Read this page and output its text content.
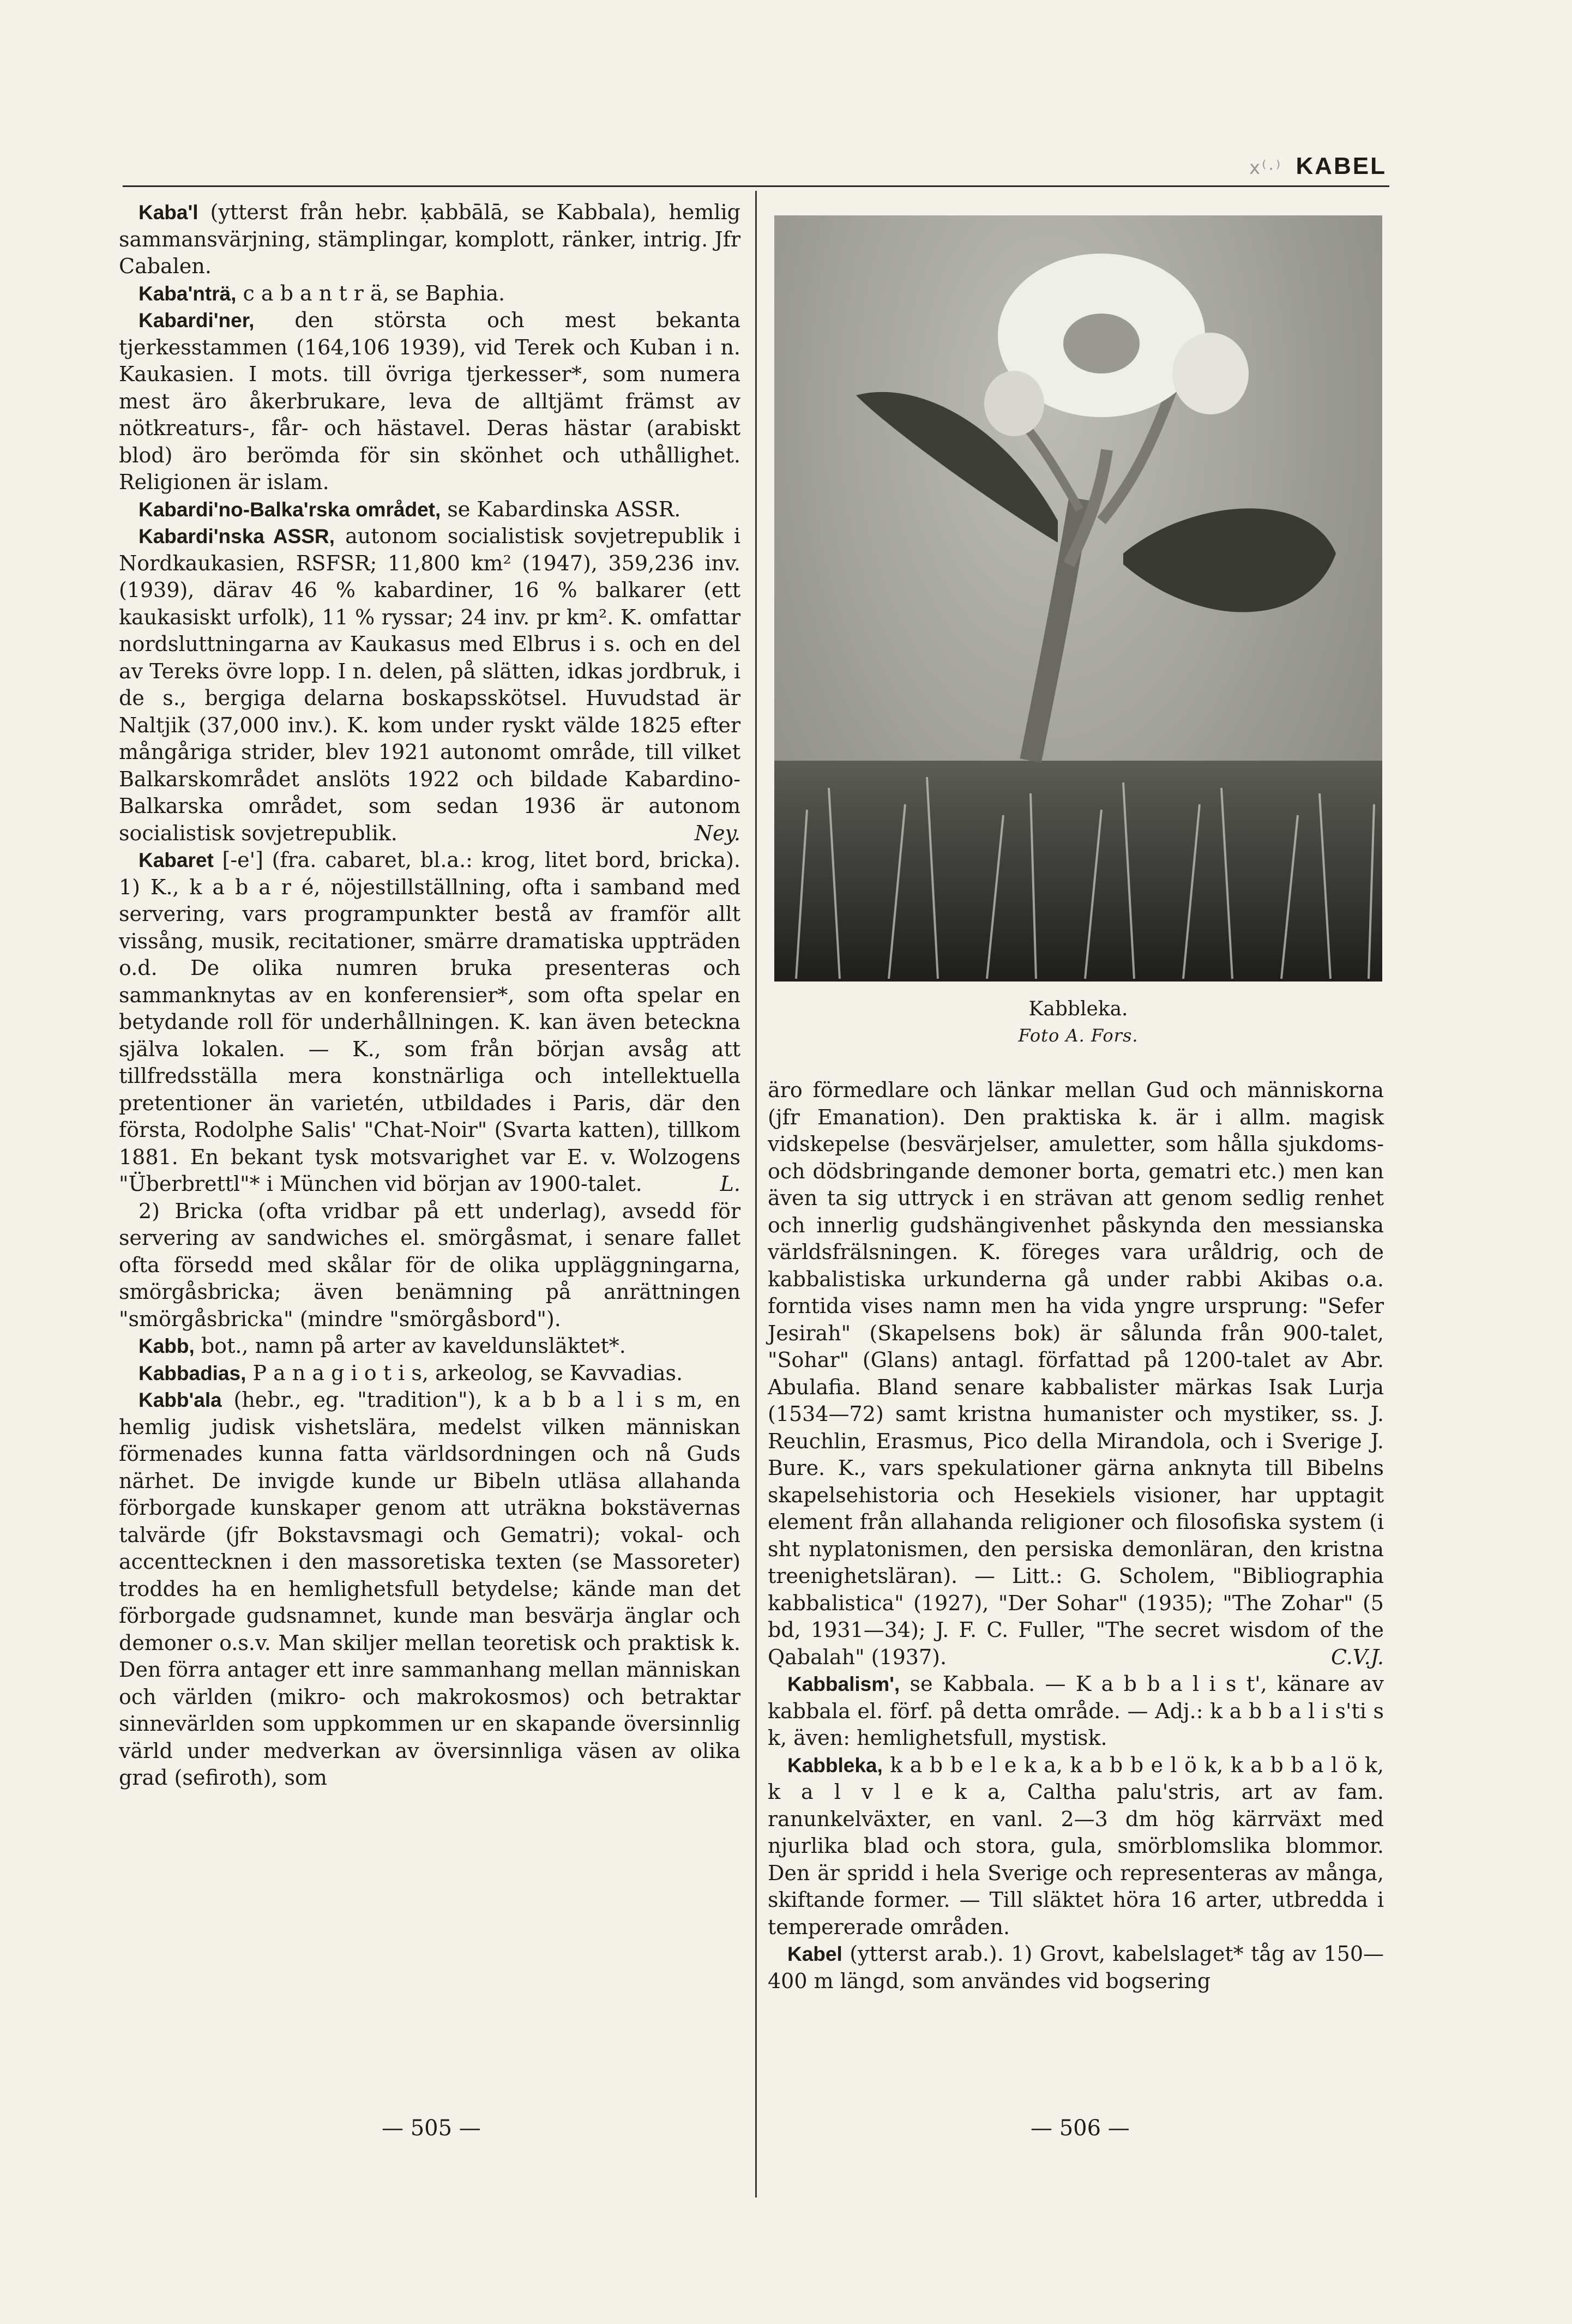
ⅹ⁽·⁾ KABEL

Kaba'l (ytterst från hebr. ḳabbālā, se Kabbala), hemlig sammansvärjning, stämplingar, komplott, ränker, intrig. Jfr Cabalen.

Kaba'nträ, c a b a n t r ä, se Baphia.

Kabardi'ner, den största och mest bekanta tjerkesstammen (164,106 1939), vid Terek och Kuban i n. Kaukasien. I mots. till övriga tjerkesser*, som numera mest äro åkerbrukare, leva de alltjämt främst av nötkreaturs-, får- och hästavel. Deras hästar (arabiskt blod) äro berömda för sin skönhet och uthållighet. Religionen är islam.

Kabardi'no-Balka'rska området, se Kabardinska ASSR.

Kabardi'nska ASSR, autonom socialistisk sovjetrepublik i Nordkaukasien, RSFSR; 11,800 km² (1947), 359,236 inv. (1939), därav 46 % kabardiner, 16 % balkarer (ett kaukasiskt urfolk), 11 % ryssar; 24 inv. pr km². K. omfattar nordsluttningarna av Kaukasus med Elbrus i s. och en del av Tereks övre lopp. I n. delen, på slätten, idkas jordbruk, i de s., bergiga delarna boskapsskötsel. Huvudstad är Naltjik (37,000 inv.). K. kom under ryskt välde 1825 efter mångåriga strider, blev 1921 autonomt område, till vilket Balkarskområdet anslöts 1922 och bildade Kabardino-Balkarska området, som sedan 1936 är autonom socialistisk sovjetrepublik.	Ney.

Kabaret [-e'] (fra. cabaret, bl.a.: krog, litet bord, bricka). 1) K., k a b a r é, nöjestillställning, ofta i samband med servering, vars programpunkter bestå av framför allt vissång, musik, recitationer, smärre dramatiska uppträden o.d. De olika numren bruka presenteras och sammanknytas av en konferensier*, som ofta spelar en betydande roll för underhållningen. K. kan även beteckna själva lokalen. — K., som från början avsåg att tillfredsställa mera konstnärliga och intellektuella pretentioner än varietén, utbildades i Paris, där den första, Rodolphe Salis' "Chat-Noir" (Svarta katten), tillkom 1881. En bekant tysk motsvarighet var E. v. Wolzogens "Überbrettl"* i München vid början av 1900-talet.	L.

2) Bricka (ofta vridbar på ett underlag), avsedd för servering av sandwiches el. smörgåsmat, i senare fallet ofta försedd med skålar för de olika uppläggningarna, smörgåsbricka; även benämning på anrättningen "smörgåsbricka" (mindre "smörgåsbord").

Kabb, bot., namn på arter av kaveldunsläktet*.

Kabbadias, P a n a g i o t i s, arkeolog, se Kavvadias.

Kabb'ala (hebr., eg. "tradition"), k a b b a l i s m, en hemlig judisk vishetslära, medelst vilken människan förmenades kunna fatta världsordningen och nå Guds närhet. De invigde kunde ur Bibeln utläsa allahanda förborgade kunskaper genom att uträkna bokstävernas talvärde (jfr Bokstavsmagi och Gematri); vokal- och accenttecknen i den massoretiska texten (se Massoreter) troddes ha en hemlighetsfull betydelse; kände man det förborgade gudsnamnet, kunde man besvärja änglar och demoner o.s.v. Man skiljer mellan teoretisk och praktisk k. Den förra antager ett inre sammanhang mellan människan och världen (mikro- och makrokosmos) och betraktar sinnevärlden som uppkommen ur en skapande översinnlig värld under medverkan av översinnliga väsen av olika grad (sefiroth), som

Kabbleka.
Foto A. Fors.

äro förmedlare och länkar mellan Gud och människorna (jfr Emanation). Den praktiska k. är i allm. magisk vidskepelse (besvärjelser, amuletter, som hålla sjukdoms- och dödsbringande demoner borta, gematri etc.) men kan även ta sig uttryck i en strävan att genom sedlig renhet och innerlig gudshängivenhet påskynda den messianska världsfrälsningen. K. föreges vara uråldrig, och de kabbalistiska urkunderna gå under rabbi Akibas o.a. forntida vises namn men ha vida yngre ursprung: "Sefer Jesirah" (Skapelsens bok) är sålunda från 900-talet, "Sohar" (Glans) antagl. författad på 1200-talet av Abr. Abulafia. Bland senare kabbalister märkas Isak Lurja (1534—72) samt kristna humanister och mystiker, ss. J. Reuchlin, Erasmus, Pico della Mirandola, och i Sverige J. Bure. K., vars spekulationer gärna anknyta till Bibelns skapelsehistoria och Hesekiels visioner, har upptagit element från allahanda religioner och filosofiska system (i sht nyplatonismen, den persiska demonläran, den kristna treenighetsläran). — Litt.: G. Scholem, "Bibliographia kabbalistica" (1927), "Der Sohar" (1935); "The Zohar" (5 bd, 1931—34); J. F. C. Fuller, "The secret wisdom of the Qabalah" (1937).	C.V.J.

Kabbalism', se Kabbala. — K a b b a l i s t', känare av kabbala el. förf. på detta område. — Adj.: k a b b a l i s'ti s k, även: hemlighetsfull, mystisk.

Kabbleka, k a b b e l e k a, k a b b e l ö k, k a b b a l ö k, k a l v l e k a, Caltha palu'stris, art av fam. ranunkelväxter, en vanl. 2—3 dm hög kärrväxt med njurlika blad och stora, gula, smörblomslika blommor. Den är spridd i hela Sverige och representeras av många, skiftande former. — Till släktet höra 16 arter, utbredda i tempererade områden.

Kabel (ytterst arab.). 1) Grovt, kabelslaget* tåg av 150—400 m längd, som användes vid bogsering

— 505 —	— 506 —
